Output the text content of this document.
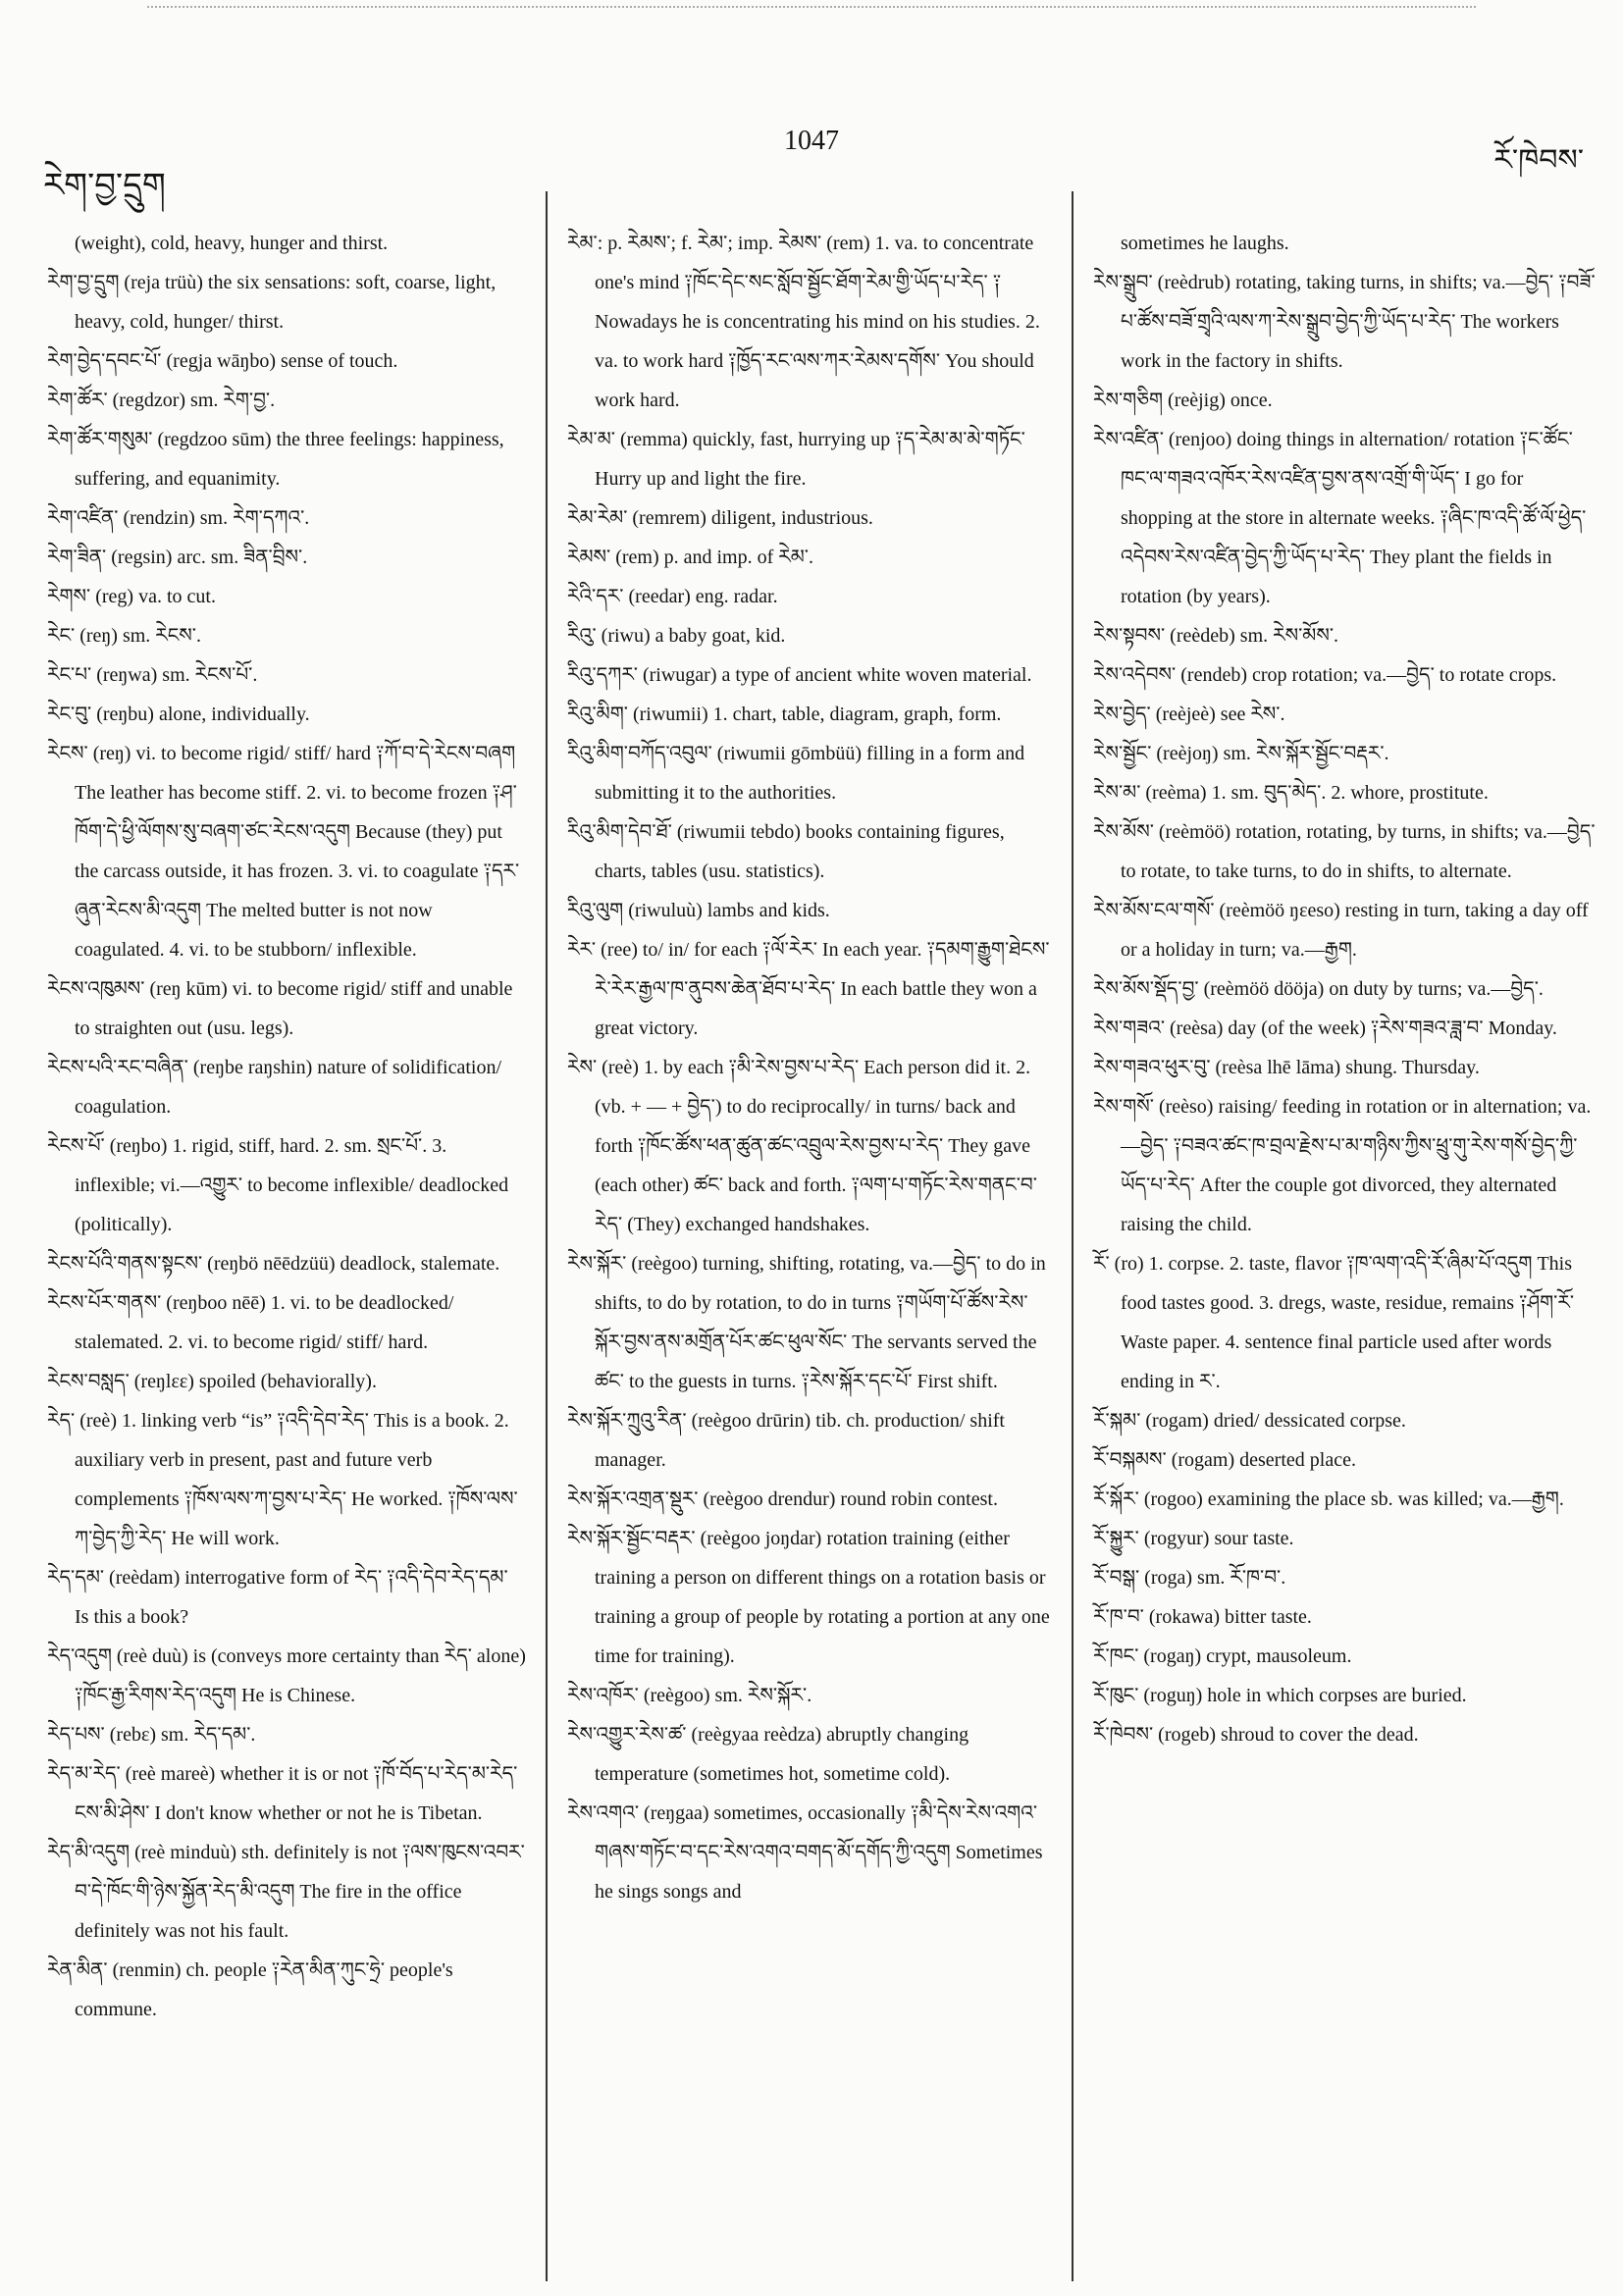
རེག་བྱ་དྲུག
1047
རོ་ཁེབས་

(weight), cold, heavy, hunger and thirst.

རེག་བྱ་དྲུག (reja trüù) the six sensations: soft, coarse, light, heavy, cold, hunger/ thirst.

རེག་བྱེད་དབང་པོ་ (regja wāŋbo) sense of touch.

རེག་ཚོར་ (regdzor) sm. རེག་བྱ་.

རེག་ཚོར་གསུམ་ (regdzoo sūm) the three feelings: happiness, suffering, and equanimity.

རེག་འཛིན་ (rendzin) sm. རེག་དཀའ་.

རེག་ཟིན་ (regsin) arc. sm. ཟིན་བྲིས་.

རེགས་ (reg) va. to cut.

རེང་ (reŋ) sm. རེངས་.

རེང་པ་ (reŋwa) sm. རེངས་པོ་.

རེང་བུ་ (reŋbu) alone, individually.

རེངས་ (reŋ) vi. to become rigid/ stiff/ hard ༑ཀོ་བ་དེ་རེངས་བཞག The leather has become stiff. 2. vi. to become frozen ༑ཤ་ཁོག་དེ་ཕྱི་ལོགས་སུ་བཞག་ཙང་རེངས་འདུག Because (they) put the carcass outside, it has frozen. 3. vi. to coagulate ༑དར་ཞུན་རེངས་མི་འདུག The melted butter is not now coagulated. 4. vi. to be stubborn/ inflexible.

རེངས་འཁུམས་ (reŋ kūm) vi. to become rigid/ stiff and unable to straighten out (usu. legs).

རེངས་པའི་རང་བཞིན་ (reŋbe raŋshin) nature of solidification/ coagulation.

རེངས་པོ་ (reŋbo) 1. rigid, stiff, hard. 2. sm. སྲང་པོ་. 3. inflexible; vi.—འགྱུར་ to become inflexible/ deadlocked (politically).

རེངས་པོའི་གནས་སྟངས་ (reŋbö nēēdzüü) deadlock, stalemate.

རེངས་པོར་གནས་ (reŋboo nēē) 1. vi. to be deadlocked/ stalemated. 2. vi. to become rigid/ stiff/ hard.

རེངས་བསླད་ (reŋlεε) spoiled (behaviorally).

རེད་ (reè) 1. linking verb “is” ༑འདི་དེབ་རེད་ This is a book. 2. auxiliary verb in present, past and future verb complements ༑ཁོས་ལས་ཀ་བྱས་པ་རེད་ He worked. ༑ཁོས་ལས་ཀ་བྱེད་ཀྱི་རེད་ He will work.

རེད་དམ་ (reèdam) interrogative form of རེད་ ༑འདི་དེབ་རེད་དམ་ Is this a book?

རེད་འདུག (reè duù) is (conveys more certainty than རེད་ alone) ༑ཁོང་རྒྱ་རིགས་རེད་འདུག He is Chinese.

རེད་པས་ (rebε) sm. རེད་དམ་.

རེད་མ་རེད་ (reè mareè) whether it is or not ༑ཁོ་བོད་པ་རེད་མ་རེད་ངས་མི་ཤེས་ I don't know whether or not he is Tibetan.

རེད་མི་འདུག (reè minduù) sth. definitely is not ༑ལས་ཁུངས་འབར་བ་དེ་ཁོང་གི་ཉེས་སྐྱོན་རེད་མི་འདུག The fire in the office definitely was not his fault.

རེན་མིན་ (renmin) ch. people ༑རེན་མིན་ཀུང་ཧྲེ་ people's commune.

རེམ་: p. རེམས་; f. རེམ་; imp. རེམས་ (rem) 1. va. to concentrate one's mind ༑ཁོང་དེང་སང་སློབ་སྦྱོང་ཐོག་རེམ་གྱི་ཡོད་པ་རེད་ ༑Nowadays he is concentrating his mind on his studies. 2. va. to work hard ༑ཁྱོད་རང་ལས་ཀར་རེམས་དགོས་ You should work hard.

རེམ་མ་ (remma) quickly, fast, hurrying up ༑ད་རེམ་མ་མེ་གཏོང་ Hurry up and light the fire.

རེམ་རེམ་ (remrem) diligent, industrious.

རེམས་ (rem) p. and imp. of རེམ་.

རེའི་དར་ (reedar) eng. radar.

རིའུ་ (riwu) a baby goat, kid.

རིའུ་དཀར་ (riwugar) a type of ancient white woven material.

རིའུ་མིག་ (riwumii) 1. chart, table, diagram, graph, form.

རིའུ་མིག་བཀོད་འབུལ་ (riwumii gōmbüü) filling in a form and submitting it to the authorities.

རིའུ་མིག་དེབ་ཐོ་ (riwumii tebdo) books containing figures, charts, tables (usu. statistics).

རིའུ་ལུག (riwuluù) lambs and kids.

རེར་ (ree) to/ in/ for each ༑ལོ་རེར་ In each year. ༑དམག་རྒྱུག་ཐེངས་རེ་རེར་རྒྱལ་ཁ་ནུབས་ཆེན་ཐོབ་པ་རེད་ In each battle they won a great victory.

རེས་ (reè) 1. by each ༑མི་རེས་བྱས་པ་རེད་ Each person did it. 2. (vb. + — + བྱེད་) to do reciprocally/ in turns/ back and forth ༑ཁོང་ཚོས་ཕན་ཚུན་ཚང་འབྲུལ་རེས་བྱས་པ་རེད་ They gave (each other) ཚང་ back and forth. ༑ལག་པ་གཏོང་རེས་གནང་བ་རེད་ (They) exchanged handshakes.

རེས་སྐོར་ (reègoo) turning, shifting, rotating, va.—བྱེད་ to do in shifts, to do by rotation, to do in turns ༑གཡོག་པོ་ཚོས་རེས་སྐོར་བྱས་ནས་མགྲོན་པོར་ཚང་ཕུལ་སོང་ The servants served the ཚང་ to the guests in turns. ༑རེས་སྐོར་དང་པོ་ First shift.

རེས་སྐོར་ཀྲུའུ་རིན་ (reègoo drūrin) tib. ch. production/ shift manager.

རེས་སྐོར་འགྲན་སྡུར་ (reègoo drendur) round robin contest.

རེས་སྐོར་སྦྱོང་བརྡར་ (reègoo joŋdar) rotation training (either training a person on different things on a rotation basis or training a group of people by rotating a portion at any one time for training).

རེས་འཁོར་ (reègoo) sm. རེས་སྐོར་.

རེས་འགྱུར་རེས་ཚ་ (reègyaa reèdza) abruptly changing temperature (sometimes hot, sometime cold).

རེས་འགའ་ (reŋgaa) sometimes, occasionally ༑མི་དེས་རེས་འགའ་གཞས་གཏོང་བ་དང་རེས་འགའ་བགད་མོ་དགོད་ཀྱི་འདུག Sometimes he sings songs and

sometimes he laughs.

རེས་སྒྲུབ་ (reèdrub) rotating, taking turns, in shifts; va.—བྱེད་ ༑བཟོ་པ་ཚོས་བཟོ་གྲྭའི་ལས་ཀ་རེས་སྒྲུབ་བྱེད་ཀྱི་ཡོད་པ་རེད་ The workers work in the factory in shifts.

རེས་གཅིག (reèjig) once.

རེས་འཛིན་ (renjoo) doing things in alternation/ rotation ༑ང་ཚོང་ཁང་ལ་གཟའ་འཁོར་རེས་འཛིན་བྱས་ནས་འགྲོ་གི་ཡོད་ I go for shopping at the store in alternate weeks. ༑ཞིང་ཁ་འདི་ཚོ་ལོ་ཕྱེད་འདེབས་རེས་འཛིན་བྱེད་ཀྱི་ཡོད་པ་རེད་ They plant the fields in rotation (by years).

རེས་སྟབས་ (reèdeb) sm. རེས་མོས་.

རེས་འདེབས་ (rendeb) crop rotation; va.—བྱེད་ to rotate crops.

རེས་བྱེད་ (reèjeè) see རེས་.

རེས་སྦྱོང་ (reèjoŋ) sm. རེས་སྐོར་སྦྱོང་བརྡར་.

རེས་མ་ (reèma) 1. sm. བུད་མེད་. 2. whore, prostitute.

རེས་མོས་ (reèmöö) rotation, rotating, by turns, in shifts; va.—བྱེད་ to rotate, to take turns, to do in shifts, to alternate.

རེས་མོས་ངལ་གསོ་ (reèmöö ŋεeso) resting in turn, taking a day off or a holiday in turn; va.—རྒྱག.

རེས་མོས་སྡོད་བྱ་ (reèmöö dööja) on duty by turns; va.—བྱེད་.

རེས་གཟའ་ (reèsa) day (of the week) ༑རེས་གཟའ་ཟླ་བ་ Monday.

རེས་གཟའ་ཕུར་བུ་ (reèsa lhē lāma) shung. Thursday.

རེས་གསོ་ (reèso) raising/ feeding in rotation or in alternation; va.—བྱེད་ ༑བཟའ་ཚང་ཁ་བྲལ་རྗེས་པ་མ་གཉིས་ཀྱིས་ཕྲུ་གུ་རེས་གསོ་བྱེད་ཀྱི་ཡོད་པ་རེད་ After the couple got divorced, they alternated raising the child.

རོ་ (ro) 1. corpse. 2. taste, flavor ༑ཁ་ལག་འདི་རོ་ཞིམ་པོ་འདུག This food tastes good. 3. dregs, waste, residue, remains ༑ཤོག་རོ་ Waste paper. 4. sentence final particle used after words ending in ར་.

རོ་སྐམ་ (rogam) dried/ dessicated corpse.

རོ་བསྐམས་ (rogam) deserted place.

རོ་སྐོར་ (rogoo) examining the place sb. was killed; va.—རྒྱག.

རོ་སྐྱུར་ (rogyur) sour taste.

རོ་བསྒ་ (roga) sm. རོ་ཁ་བ་.

རོ་ཁ་བ་ (rokawa) bitter taste.

རོ་ཁང་ (rogaŋ) crypt, mausoleum.

རོ་ཁུང་ (roguŋ) hole in which corpses are buried.

རོ་ཁེབས་ (rogeb) shroud to cover the dead.
